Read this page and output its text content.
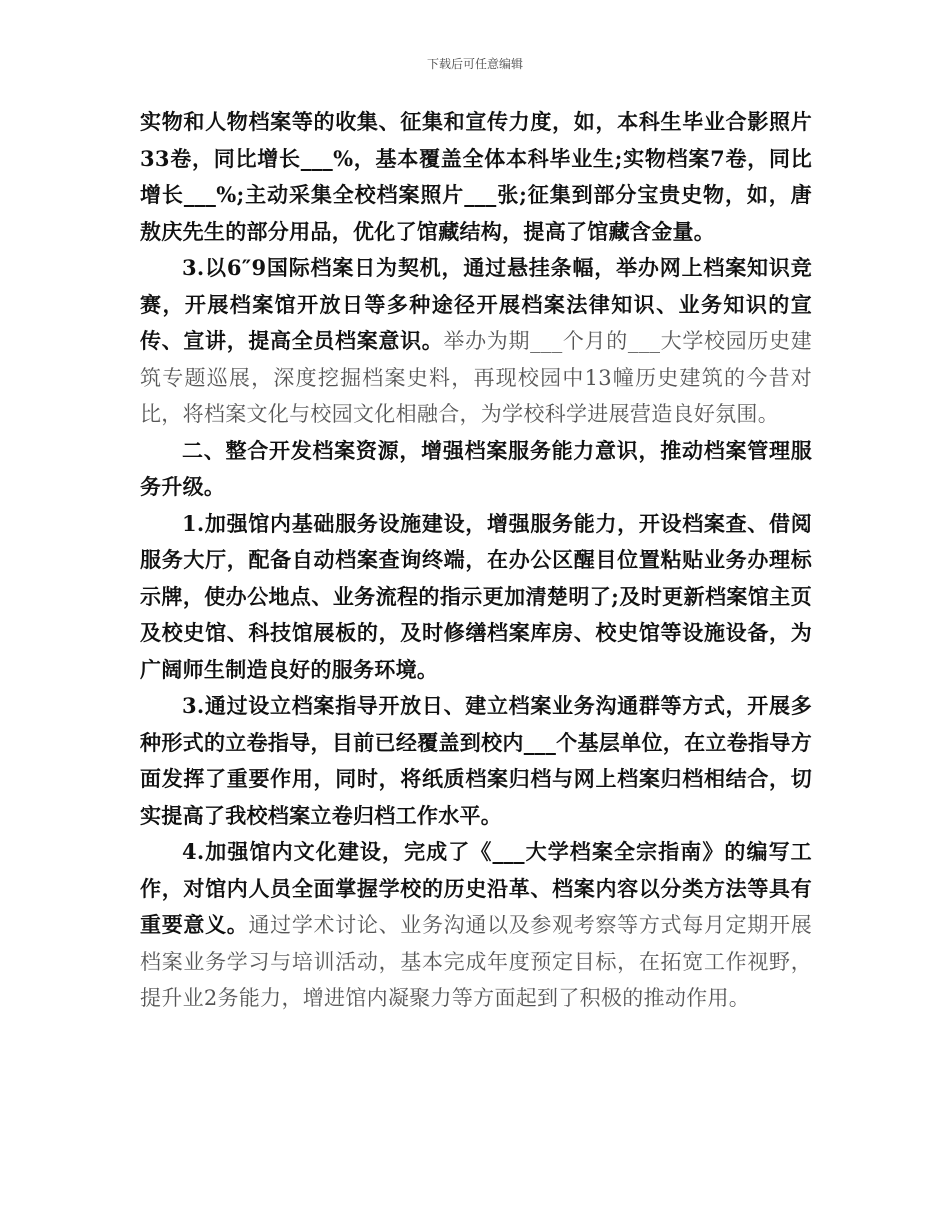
下载后可任意编辑

实物和人物档案等的收集、征集和宣传力度，如，本科生毕业合影照片33卷，同比增长___%，基本覆盖全体本科毕业生;实物档案7卷，同比增长___%;主动采集全校档案照片___张;征集到部分宝贵史物，如，唐敖庆先生的部分用品，优化了馆藏结构，提高了馆藏含金量。

3.以6″9国际档案日为契机，通过悬挂条幅，举办网上档案知识竞赛，开展档案馆开放日等多种途径开展档案法律知识、业务知识的宣传、宣讲，提高全员档案意识。举办为期___个月的___大学校园历史建筑专题巡展，深度挖掘档案史料，再现校园中13幢历史建筑的今昔对比，将档案文化与校园文化相融合，为学校科学进展营造良好氛围。

二、整合开发档案资源，增强档案服务能力意识，推动档案管理服务升级。

1.加强馆内基础服务设施建设，增强服务能力，开设档案查、借阅服务大厅，配备自动档案查询终端，在办公区醒目位置粘贴业务办理标示牌，使办公地点、业务流程的指示更加清楚明了;及时更新档案馆主页及校史馆、科技馆展板的，及时修缮档案库房、校史馆等设施设备，为广阔师生制造良好的服务环境。

3.通过设立档案指导开放日、建立档案业务沟通群等方式，开展多种形式的立卷指导，目前已经覆盖到校内___个基层单位，在立卷指导方面发挥了重要作用，同时，将纸质档案归档与网上档案归档相结合，切实提高了我校档案立卷归档工作水平。

4.加强馆内文化建设，完成了《___大学档案全宗指南》的编写工作，对馆内人员全面掌握学校的历史沿革、档案内容以分类方法等具有重要意义。通过学术讨论、业务沟通以及参观考察等方式每月定期开展档案业务学习与培训活动，基本完成年度预定目标，在拓宽工作视野，提升业2务能力，增进馆内凝聚力等方面起到了积极的推动作用。
